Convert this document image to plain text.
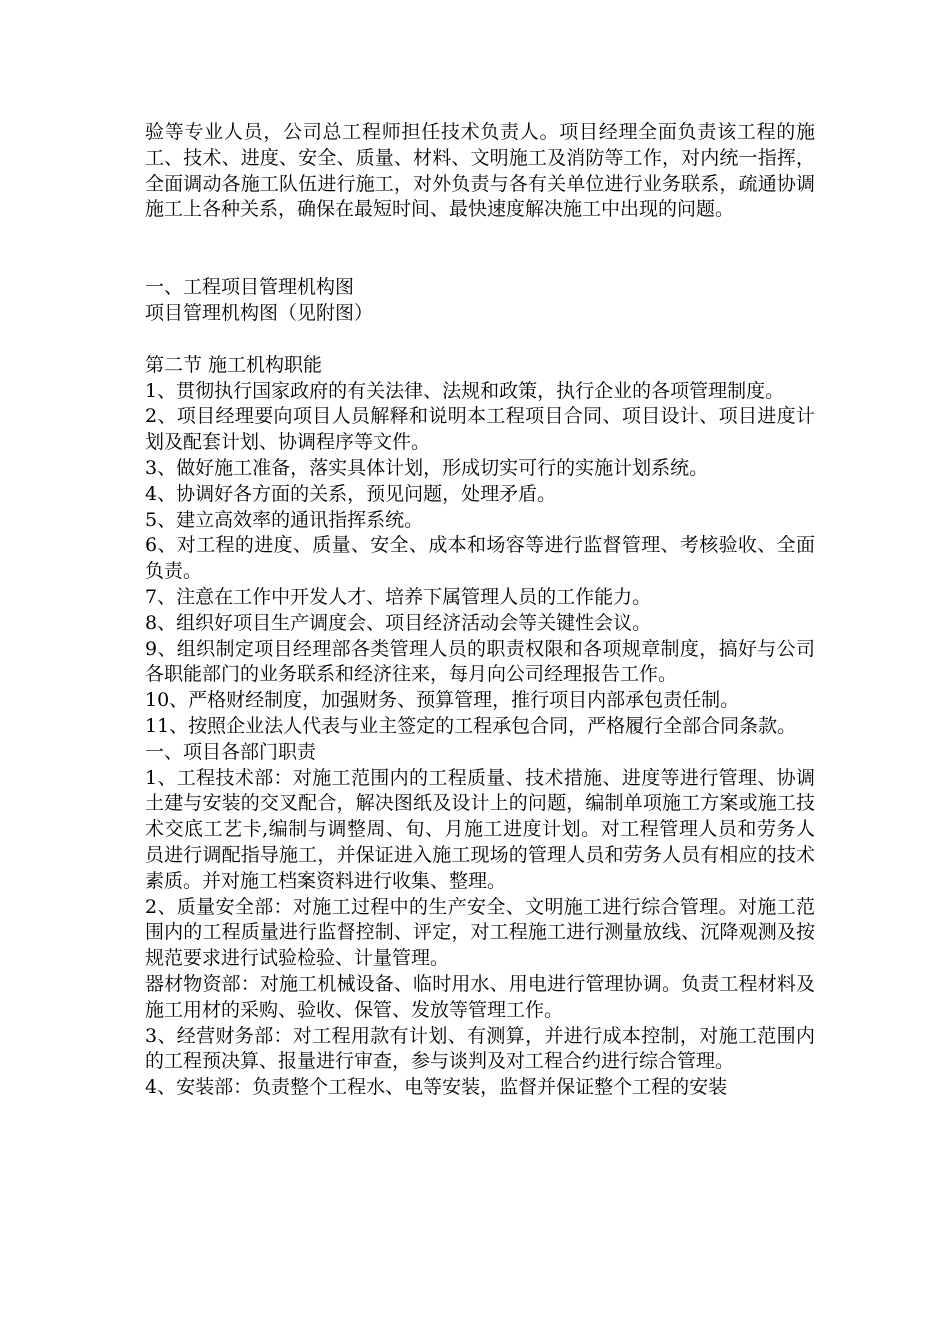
验等专业人员，公司总工程师担任技术负责人。项目经理全面负责该工程的施工、技术、进度、安全、质量、材料、文明施工及消防等工作，对内统一指挥，全面调动各施工队伍进行施工，对外负责与各有关单位进行业务联系，疏通协调施工上各种关系，确保在最短时间、最快速度解决施工中出现的问题。

一、工程项目管理机构图

项目管理机构图（见附图）

第二节 施工机构职能

1、贯彻执行国家政府的有关法律、法规和政策，执行企业的各项管理制度。

2、项目经理要向项目人员解释和说明本工程项目合同、项目设计、项目进度计划及配套计划、协调程序等文件。

3、做好施工准备，落实具体计划，形成切实可行的实施计划系统。

4、协调好各方面的关系，预见问题，处理矛盾。

5、建立高效率的通讯指挥系统。

6、对工程的进度、质量、安全、成本和场容等进行监督管理、考核验收、全面负责。

7、注意在工作中开发人才、培养下属管理人员的工作能力。

8、组织好项目生产调度会、项目经济活动会等关键性会议。

9、组织制定项目经理部各类管理人员的职责权限和各项规章制度，搞好与公司各职能部门的业务联系和经济往来，每月向公司经理报告工作。

10、严格财经制度，加强财务、预算管理，推行项目内部承包责任制。

11、按照企业法人代表与业主签定的工程承包合同，严格履行全部合同条款。

一、项目各部门职责

1、工程技术部：对施工范围内的工程质量、技术措施、进度等进行管理、协调土建与安装的交叉配合，解决图纸及设计上的问题，编制单项施工方案或施工技术交底工艺卡,编制与调整周、旬、月施工进度计划。对工程管理人员和劳务人员进行调配指导施工，并保证进入施工现场的管理人员和劳务人员有相应的技术素质。并对施工档案资料进行收集、整理。

2、质量安全部：对施工过程中的生产安全、文明施工进行综合管理。对施工范围内的工程质量进行监督控制、评定，对工程施工进行测量放线、沉降观测及按规范要求进行试验检验、计量管理。

器材物资部：对施工机械设备、临时用水、用电进行管理协调。负责工程材料及施工用材的采购、验收、保管、发放等管理工作。

3、经营财务部：对工程用款有计划、有测算，并进行成本控制，对施工范围内的工程预决算、报量进行审查，参与谈判及对工程合约进行综合管理。

4、安装部：负责整个工程水、电等安装，监督并保证整个工程的安装
